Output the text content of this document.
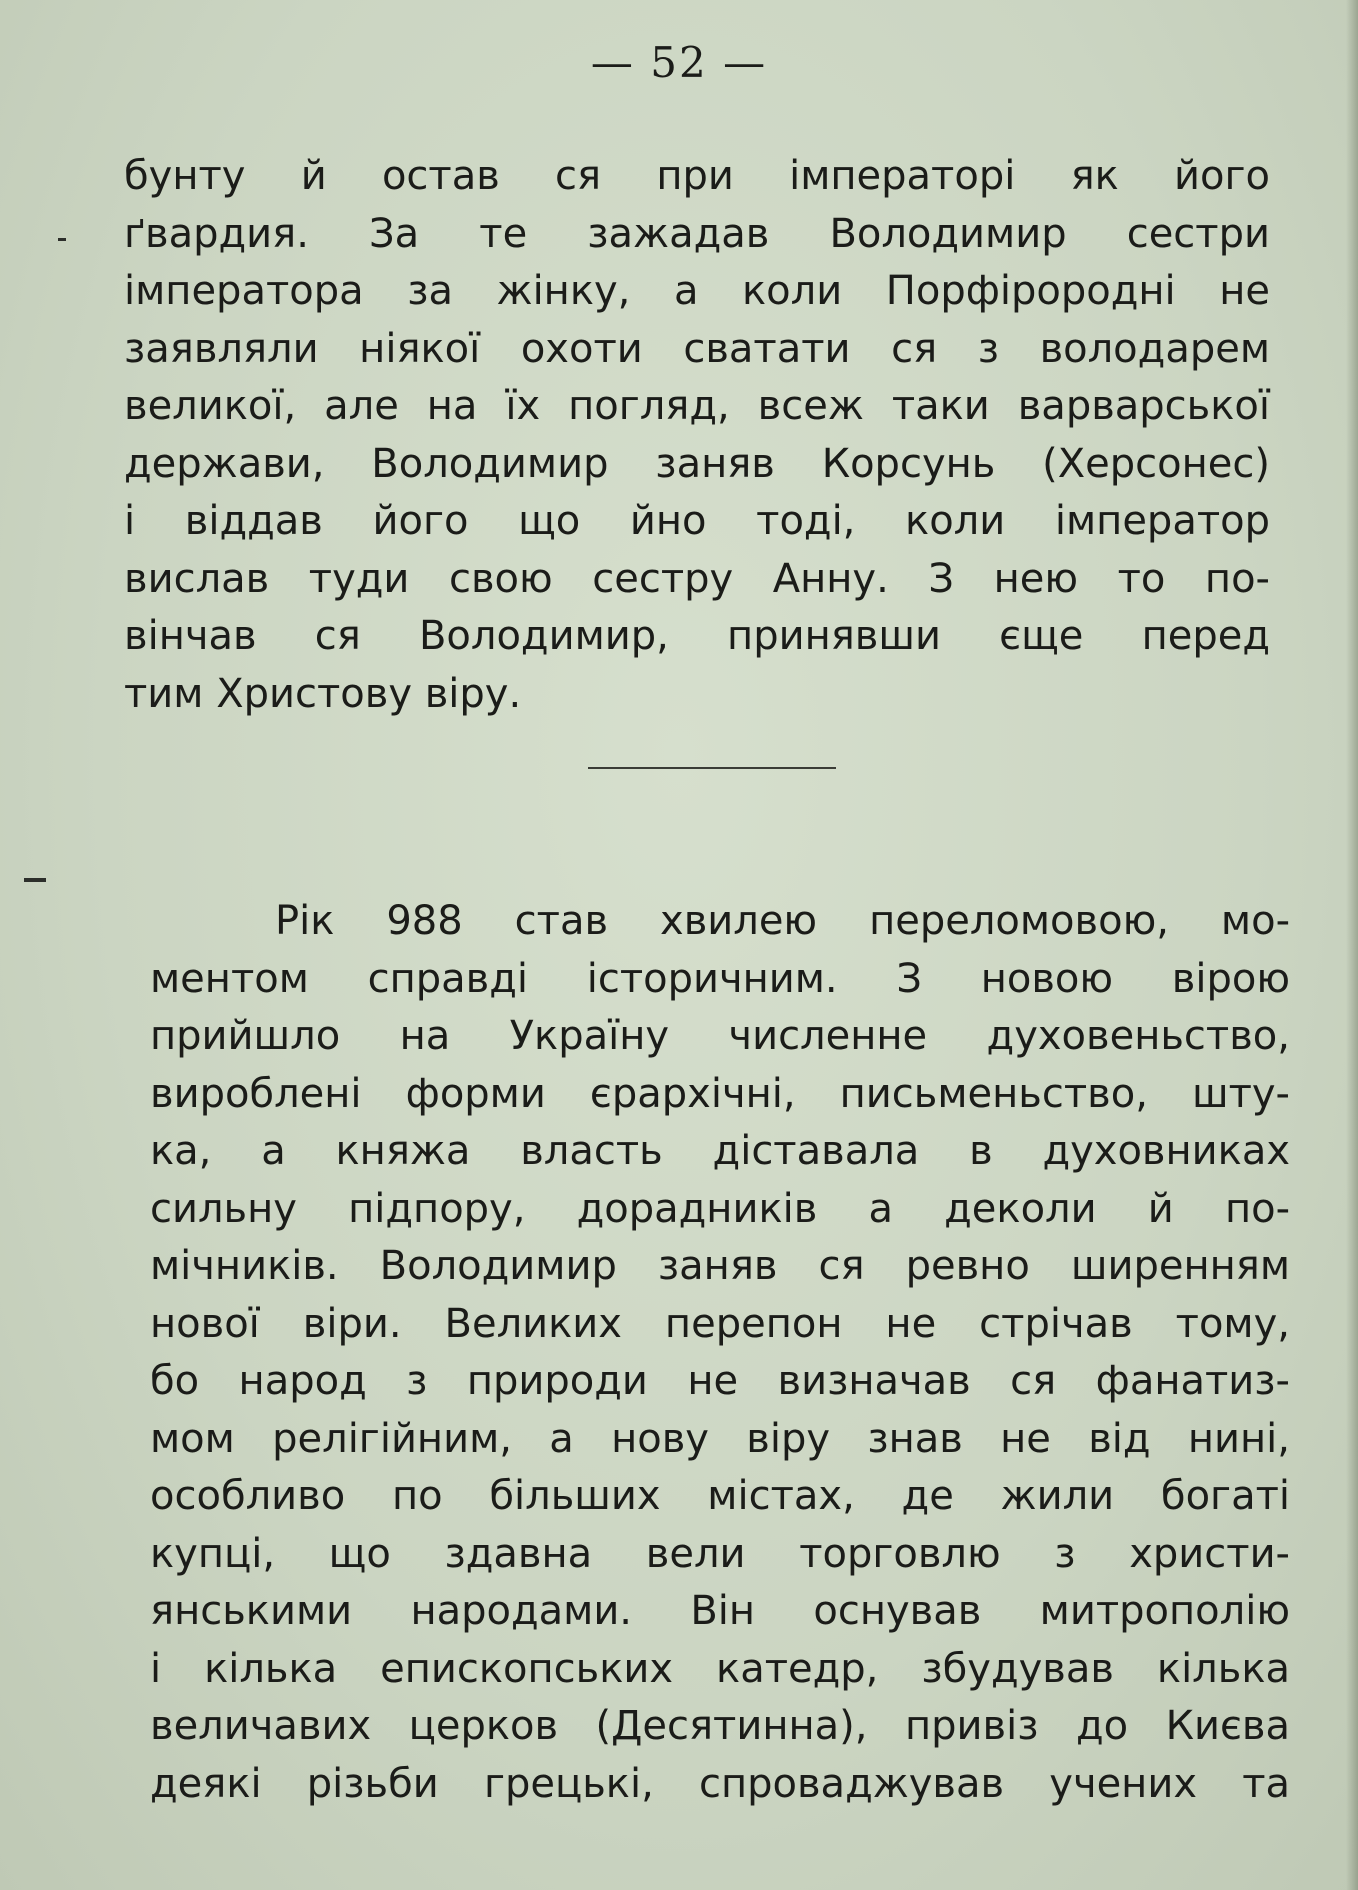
— 52 —
бунту й остав ся при імператорі як його
ґвардия. За те зажадав Володимир сестри
імператора за жінку, а коли Порфірородні не
заявляли ніякої охоти сватати ся з володарем
великої, але на їх погляд, всеж таки варварської
держави, Володимир заняв Корсунь (Херсонес)
і віддав його що йно тоді, коли імператор
вислав туди свою сестру Анну. З нею то по-
вінчав ся Володимир, принявши єще перед
тим Христову віру.
Рік 988 став хвилею переломовою, мо-
ментом справді історичним. З новою вірою
прийшло на Україну численне духовеньство,
вироблені форми єрархічні, письменьство, шту-
ка, а княжа власть діставала в духовниках
сильну підпору, дорадників а деколи й по-
мічників. Володимир заняв ся ревно ширенням
нової віри. Великих перепон не стрічав тому,
бо народ з природи не визначав ся фанатиз-
мом релігійним, а нову віру знав не від нині,
особливо по більших містах, де жили богаті
купці, що здавна вели торговлю з христи-
янськими народами. Він оснував митрополію
і кілька епископських катедр, збудував кілька
величавих церков (Десятинна), привіз до Києва
деякі різьби грецькі, спроваджував учених та
